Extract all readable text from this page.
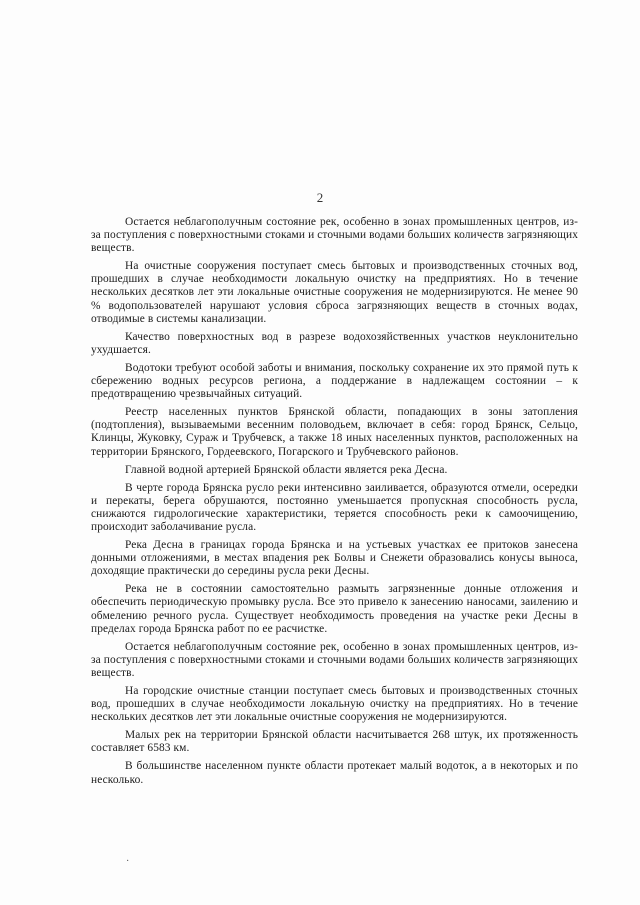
2

Остается неблагополучным состояние рек, особенно в зонах промышленных центров, из-за поступления с поверхностными стоками и сточными водами больших количеств загрязняющих веществ.

На очистные сооружения поступает смесь бытовых и производственных сточных вод, прошедших в случае необходимости локальную очистку на предприятиях. Но в течение нескольких десятков лет эти локальные очистные сооружения не модернизируются. Не менее 90 % водопользователей нарушают условия сброса загрязняющих веществ в сточных водах, отводимые в системы канализации.

Качество поверхностных вод в разрезе водохозяйственных участков неуклонительно ухудшается.

Водотоки требуют особой заботы и внимания, поскольку сохранение их это прямой путь к сбережению водных ресурсов региона, а поддержание в надлежащем состоянии – к предотвращению чрезвычайных ситуаций.

Реестр населенных пунктов Брянской области, попадающих в зоны затопления (подтопления), вызываемыми весенним половодьем, включает в себя: город Брянск, Сельцо, Клинцы, Жуковку, Сураж и Трубчевск, а также 18 иных населенных пунктов, расположенных на территории Брянского, Гордеевского, Погарского и Трубчевского районов.

Главной водной артерией Брянской области является река Десна.

В черте города Брянска русло реки интенсивно заиливается, образуются отмели, осередки и перекаты, берега обрушаются, постоянно уменьшается пропускная способность русла, снижаются гидрологические характеристики, теряется способность реки к самоочищению, происходит заболачивание русла.

Река Десна в границах города Брянска и на устьевых участках ее притоков занесена донными отложениями, в местах впадения рек Болвы и Снежети образовались конусы выноса, доходящие практически до середины русла реки Десны.

Река не в состоянии самостоятельно размыть загрязненные донные отложения и обеспечить периодическую промывку русла. Все это привело к занесению наносами, заилению и обмелению речного русла. Существует необходимость проведения на участке реки Десны в пределах города Брянска работ по ее расчистке.

Остается неблагополучным состояние рек, особенно в зонах промышленных центров, из-за поступления с поверхностными стоками и сточными водами больших количеств загрязняющих веществ.

На городские очистные станции поступает смесь бытовых и производственных сточных вод, прошедших в случае необходимости локальную очистку на предприятиях. Но в течение нескольких десятков лет эти локальные очистные сооружения не модернизируются.

Малых рек на территории Брянской области насчитывается 268 штук, их протяженность составляет 6583 км.

В большинстве населенном пункте области протекает малый водоток, а в некоторых и по несколько.

·
